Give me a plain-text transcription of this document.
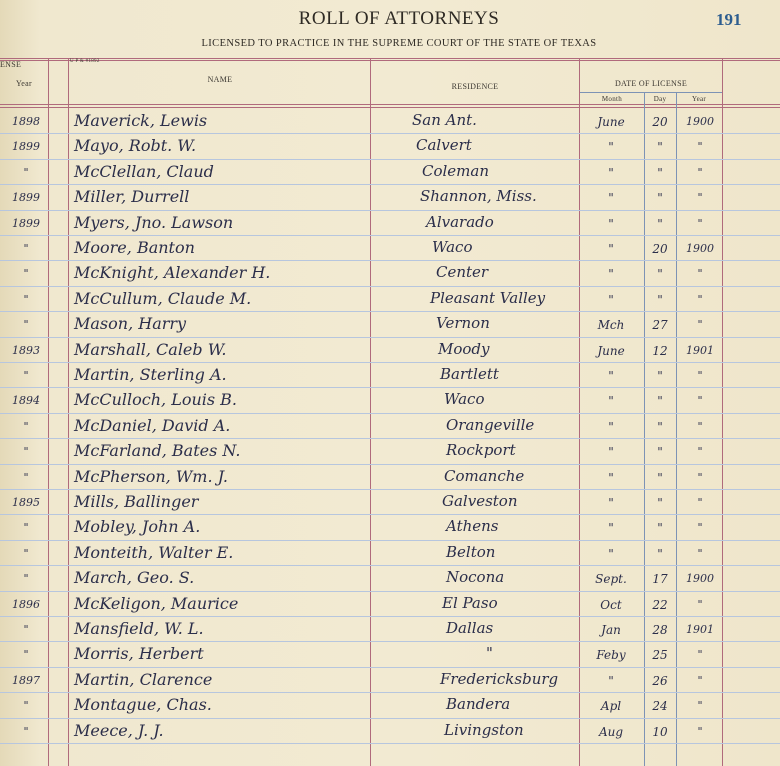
191
ROLL OF ATTORNEYS
LICENSED TO PRACTICE IN THE SUPREME COURT OF THE STATE OF TEXAS
ENSE
Year
U P & #1892
NAME
RESIDENCE	DATE OF LICENSE
Month	Day	Year
1898	Maverick, Lewis	San Ant.	June	20	1900
1899	Mayo, Robt. W.	Calvert	"	"	"
"	McClellan, Claud	Coleman	"	"	"
1899	Miller, Durrell	Shannon, Miss.	"	"	"
1899	Myers, Jno. Lawson	Alvarado	"	"	"
"	Moore, Banton	Waco	"	20	1900
"	McKnight, Alexander H.	Center	"	"	"
"	McCullum, Claude M.	Pleasant Valley	"	"	"
"	Mason, Harry	Vernon	Mch	27	"
1893	Marshall, Caleb W.	Moody	June	12	1901
"	Martin, Sterling A.	Bartlett	"	"	"
1894	McCulloch, Louis B.	Waco	"	"	"
"	McDaniel, David A.	Orangeville	"	"	"
"	McFarland, Bates N.	Rockport	"	"	"
"	McPherson, Wm. J.	Comanche	"	"	"
1895	Mills, Ballinger	Galveston	"	"	"
"	Mobley, John A.	Athens	"	"	"
"	Monteith, Walter E.	Belton	"	"	"
"	March, Geo. S.	Nocona	Sept.	17	1900
1896	McKeligon, Maurice	El Paso	Oct	22	"
"	Mansfield, W. L.	Dallas	Jan	28	1901
"	Morris, Herbert	"	Feby	25	"
1897	Martin, Clarence	Fredericksburg	"	26	"
"	Montague, Chas.	Bandera	Apl	24	"
"	Meece, J. J.	Livingston	Aug	10	"
